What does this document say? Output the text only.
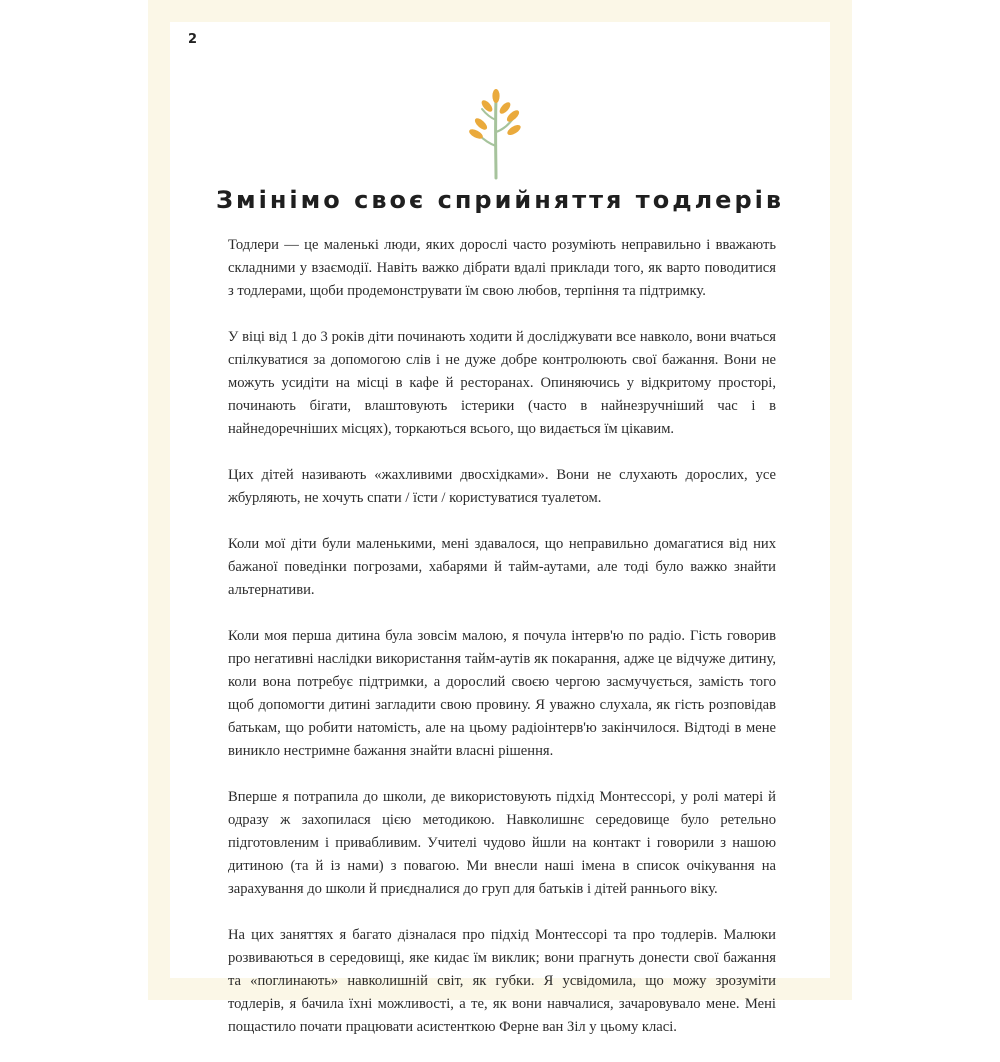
2
Змінімо своє сприйняття тодлерів

Тодлери — це маленькі люди, яких дорослі часто розуміють неправильно і вважають складними у взаємодії. Навіть важко дібрати вдалі приклади того, як варто поводитися з тодлерами, щоби продемонструвати їм свою любов, терпіння та підтримку.

У віці від 1 до 3 років діти починають ходити й досліджувати все навколо, вони вчаться спілкуватися за допомогою слів і не дуже добре контролюють свої бажання. Вони не можуть усидіти на місці в кафе й ресторанах. Опиняючись у відкритому просторі, починають бігати, влаштовують істерики (часто в найнезручніший час і в найнедоречніших місцях), торкаються всього, що видається їм цікавим.

Цих дітей називають «жахливими двосхідками». Вони не слухають дорослих, усе жбурляють, не хочуть спати / їсти / користуватися туалетом.

Коли мої діти були маленькими, мені здавалося, що неправильно домагатися від них бажаної поведінки погрозами, хабарями й тайм-аутами, але тоді було важко знайти альтернативи.

Коли моя перша дитина була зовсім малою, я почула інтерв'ю по радіо. Гість говорив про негативні наслідки використання тайм-аутів як покарання, адже це відчуже дитину, коли вона потребує підтримки, а дорослий своєю чергою засмучується, замість того щоб допомогти дитині загладити свою провину. Я уважно слухала, як гість розповідав батькам, що робити натомість, але на цьому радіоінтерв'ю закінчилося. Відтоді в мене виникло нестримне бажання знайти власні рішення.

Вперше я потрапила до школи, де використовують підхід Монтессорі, у ролі матері й одразу ж захопилася цією методикою. Навколишнє середовище було ретельно підготовленим і привабливим. Учителі чудово йшли на контакт і говорили з нашою дитиною (та й із нами) з повагою. Ми внесли наші імена в список очікування на зарахування до школи й приєдналися до груп для батьків і дітей раннього віку.

На цих заняттях я багато дізналася про підхід Монтессорі та про тодлерів. Малюки розвиваються в середовищі, яке кидає їм виклик; вони прагнуть донести свої бажання та «поглинають» навколишній світ, як губки. Я усвідомила, що можу зрозуміти тодлерів, я бачила їхні можливості, а те, як вони навчалися, зачаровувало мене. Мені пощастило почати працювати асистенткою Ферне ван Зіл у цьому класі.
